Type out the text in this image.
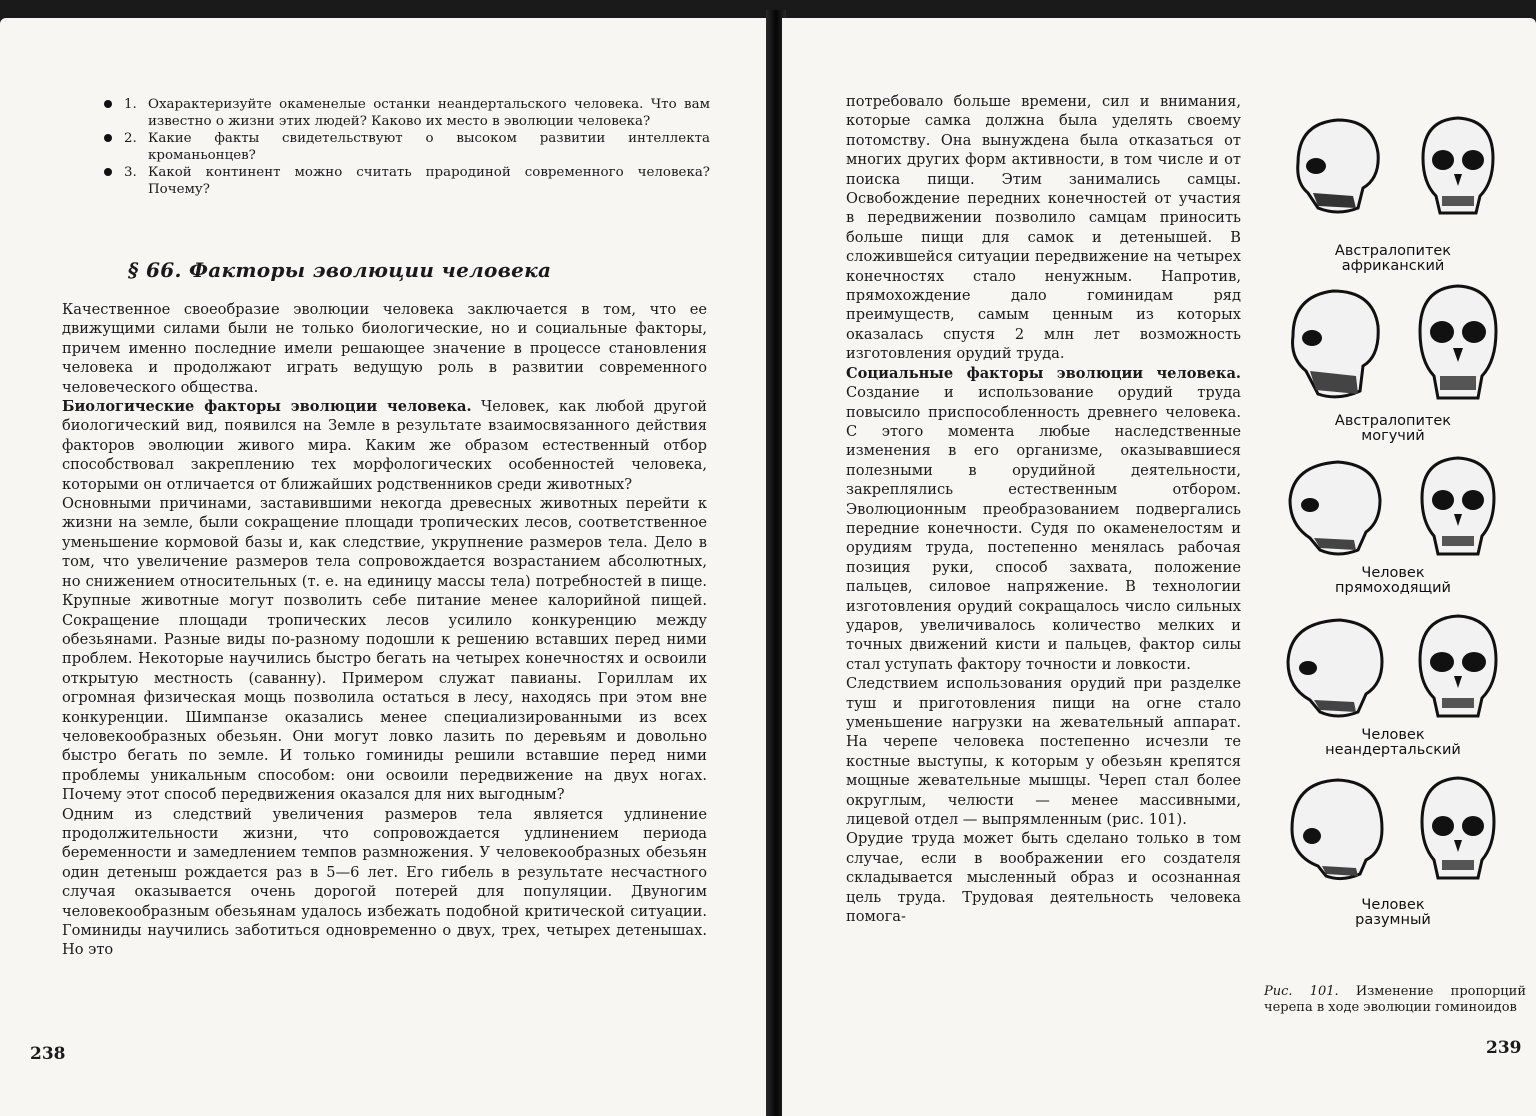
1. Охарактеризуйте окаменелые останки неандертальского человека. Что вам известно о жизни этих людей? Каково их место в эволюции человека?
2. Какие факты свидетельствуют о высоком развитии интеллекта кроманьонцев?
3. Какой континент можно считать прародиной современного человека? Почему?
§ 66. Факторы эволюции человека

Качественное своеобразие эволюции человека заключается в том, что ее движущими силами были не только биологические, но и социальные факторы, причем именно последние имели решающее значение в процессе становления человека и продолжают играть ведущую роль в развитии современного человеческого общества.

Биологические факторы эволюции человека. Человек, как любой другой биологический вид, появился на Земле в результате взаимосвязанного действия факторов эволюции живого мира. Каким же образом естественный отбор способствовал закреплению тех морфологических особенностей человека, которыми он отличается от ближайших родственников среди животных?

Основными причинами, заставившими некогда древесных животных перейти к жизни на земле, были сокращение площади тропических лесов, соответственное уменьшение кормовой базы и, как следствие, укрупнение размеров тела. Дело в том, что увеличение размеров тела сопровождается возрастанием абсолютных, но снижением относительных (т. е. на единицу массы тела) потребностей в пище. Крупные животные могут позволить себе питание менее калорийной пищей. Сокращение площади тропических лесов усилило конкуренцию между обезьянами. Разные виды по-разному подошли к решению вставших перед ними проблем. Некоторые научились быстро бегать на четырех конечностях и освоили открытую местность (саванну). Примером служат павианы. Гориллам их огромная физическая мощь позволила остаться в лесу, находясь при этом вне конкуренции. Шимпанзе оказались менее специализированными из всех человекообразных обезьян. Они могут ловко лазить по деревьям и довольно быстро бегать по земле. И только гоминиды решили вставшие перед ними проблемы уникальным способом: они освоили передвижение на двух ногах. Почему этот способ передвижения оказался для них выгодным?

Одним из следствий увеличения размеров тела является удлинение продолжительности жизни, что сопровождается удлинением периода беременности и замедлением темпов размножения. У человекообразных обезьян один детеныш рождается раз в 5—6 лет. Его гибель в результате несчастного случая оказывается очень дорогой потерей для популяции. Двуногим человекообразным обезьянам удалось избежать подобной критической ситуации. Гоминиды научились заботиться одновременно о двух, трех, четырех детенышах. Но это

238

потребовало больше времени, сил и внимания, которые самка должна была уделять своему потомству. Она вынуждена была отказаться от многих других форм активности, в том числе и от поиска пищи. Этим занимались самцы. Освобождение передних конечностей от участия в передвижении позволило самцам приносить больше пищи для самок и детенышей. В сложившейся ситуации передвижение на четырех конечностях стало ненужным. Напротив, прямохождение дало гоминидам ряд преимуществ, самым ценным из которых оказалась спустя 2 млн лет возможность изготовления орудий труда.

Социальные факторы эволюции человека. Создание и использование орудий труда повысило приспособленность древнего человека. С этого момента любые наследственные изменения в его организме, оказывавшиеся полезными в орудийной деятельности, закреплялись естественным отбором. Эволюционным преобразованием подвергались передние конечности. Судя по окаменелостям и орудиям труда, постепенно менялась рабочая позиция руки, способ захвата, положение пальцев, силовое напряжение. В технологии изготовления орудий сокращалось число сильных ударов, увеличивалось количество мелких и точных движений кисти и пальцев, фактор силы стал уступать фактору точности и ловкости.

Следствием использования орудий при разделке туш и приготовления пищи на огне стало уменьшение нагрузки на жевательный аппарат. На черепе человека постепенно исчезли те костные выступы, к которым у обезьян крепятся мощные жевательные мышцы. Череп стал более округлым, челюсти — менее массивными, лицевой отдел — выпрямленным (рис. 101).

Орудие труда может быть сделано только в том случае, если в воображении его создателя складывается мысленный образ и осознанная цель труда. Трудовая деятельность человека помога-

Австралопитек
африканский
Австралопитек
могучий
Человек
прямоходящий
Человек
неандертальский
Человек
разумный
Рис. 101. Изменение пропорций черепа в ходе эволюции гоминоидов
239
